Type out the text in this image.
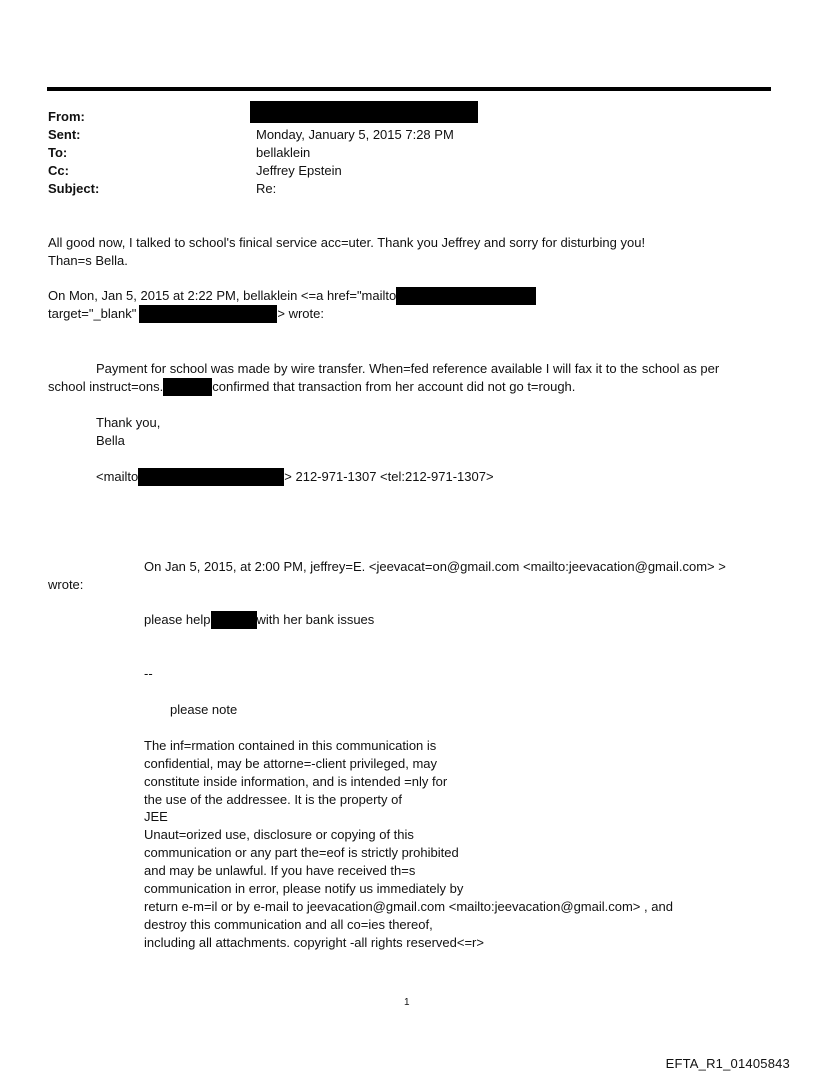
From:
Sent:	Monday, January 5, 2015 7:28 PM
To:	bellaklein
Cc:	Jeffrey Epstein
Subject:	Re:
All good now, I talked to school's finical service acc=uter. Thank you Jeffrey and sorry for disturbing you!
Than=s Bella.
On Mon, Jan 5, 2015 at 2:22 PM, bellaklein <=a href="mailto
target="_blank"	> wrote:
Payment for school was made by wire transfer. When=fed reference available I will fax it to the school as per
school instruct=ons.	confirmed that transaction from her account did not go t=rough.
Thank you,
Bella
<mailto	> 212-971-1307 <tel:212-971-1307>
On Jan 5, 2015, at 2:00 PM, jeffrey=E. <jeevacat=on@gmail.com <mailto:jeevacation@gmail.com> >
wrote:
please help	with her bank issues
--
please note
The inf=rmation contained in this communication is
confidential, may be attorne=-client privileged, may
constitute inside information, and is intended =nly for
the use of the addressee. It is the property of
JEE
Unaut=orized use, disclosure or copying of this
communication or any part the=eof is strictly prohibited
and may be unlawful. If you have received th=s
communication in error, please notify us immediately by
return e-m=il or by e-mail to jeevacation@gmail.com <mailto:jeevacation@gmail.com> , and
destroy this communication and all co=ies thereof,
including all attachments. copyright -all rights reserved<=r>
1
EFTA_R1_01405843
